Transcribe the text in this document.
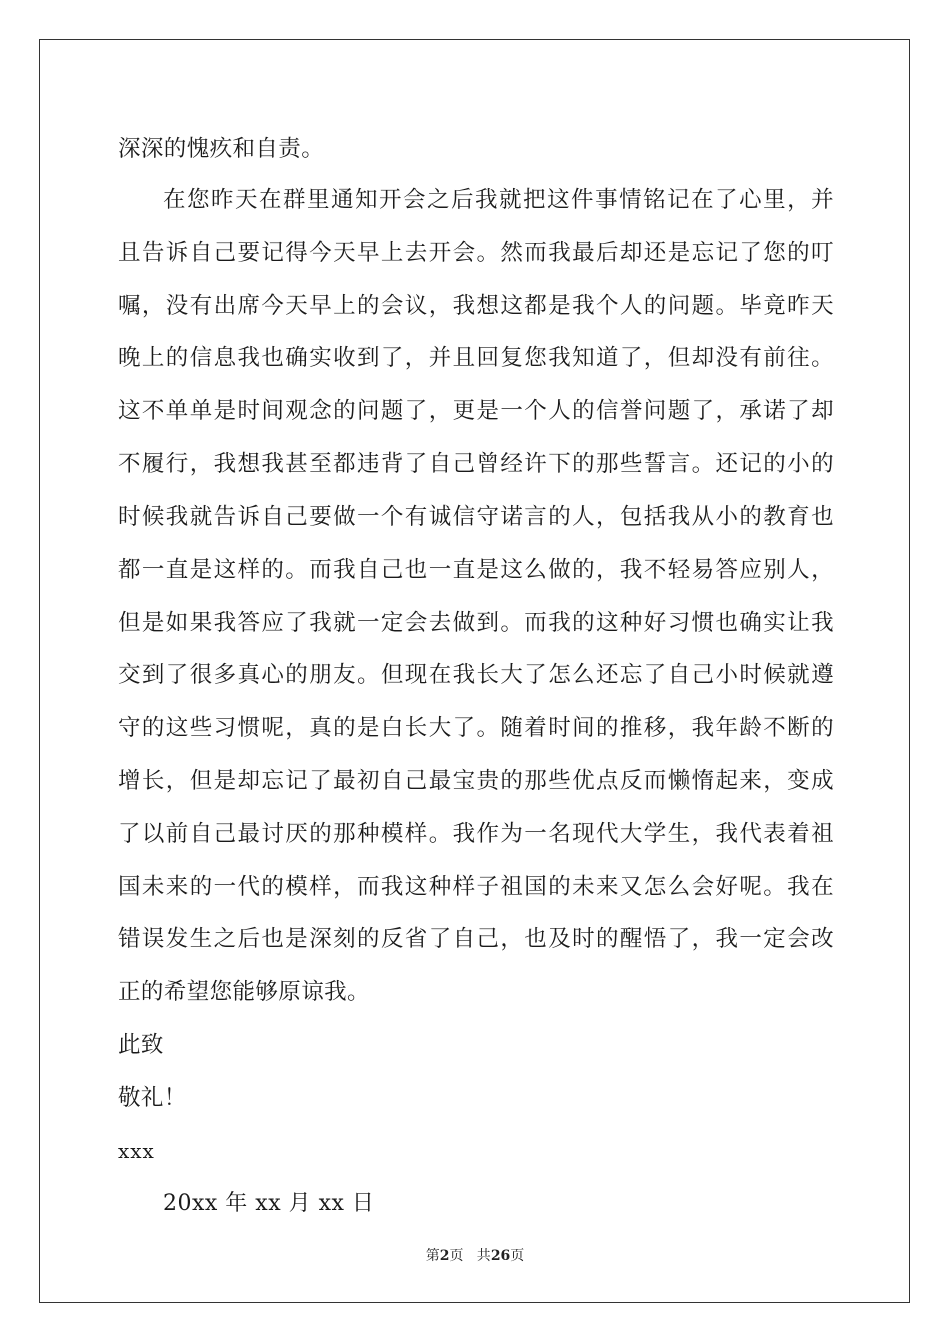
深深的愧疚和自责。
在您昨天在群里通知开会之后我就把这件事情铭记在了心里，并
且告诉自己要记得今天早上去开会。然而我最后却还是忘记了您的叮
嘱，没有出席今天早上的会议，我想这都是我个人的问题。毕竟昨天
晚上的信息我也确实收到了，并且回复您我知道了，但却没有前往。
这不单单是时间观念的问题了，更是一个人的信誉问题了，承诺了却
不履行，我想我甚至都违背了自己曾经许下的那些誓言。还记的小的
时候我就告诉自己要做一个有诚信守诺言的人，包括我从小的教育也
都一直是这样的。而我自己也一直是这么做的，我不轻易答应别人，
但是如果我答应了我就一定会去做到。而我的这种好习惯也确实让我
交到了很多真心的朋友。但现在我长大了怎么还忘了自己小时候就遵
守的这些习惯呢，真的是白长大了。随着时间的推移，我年龄不断的
增长，但是却忘记了最初自己最宝贵的那些优点反而懒惰起来，变成
了以前自己最讨厌的那种模样。我作为一名现代大学生，我代表着祖
国未来的一代的模样，而我这种样子祖国的未来又怎么会好呢。我在
错误发生之后也是深刻的反省了自己，也及时的醒悟了，我一定会改
正的希望您能够原谅我。
此致
敬礼！
xxx
20xx 年 xx 月 xx 日
第2页   共26页
